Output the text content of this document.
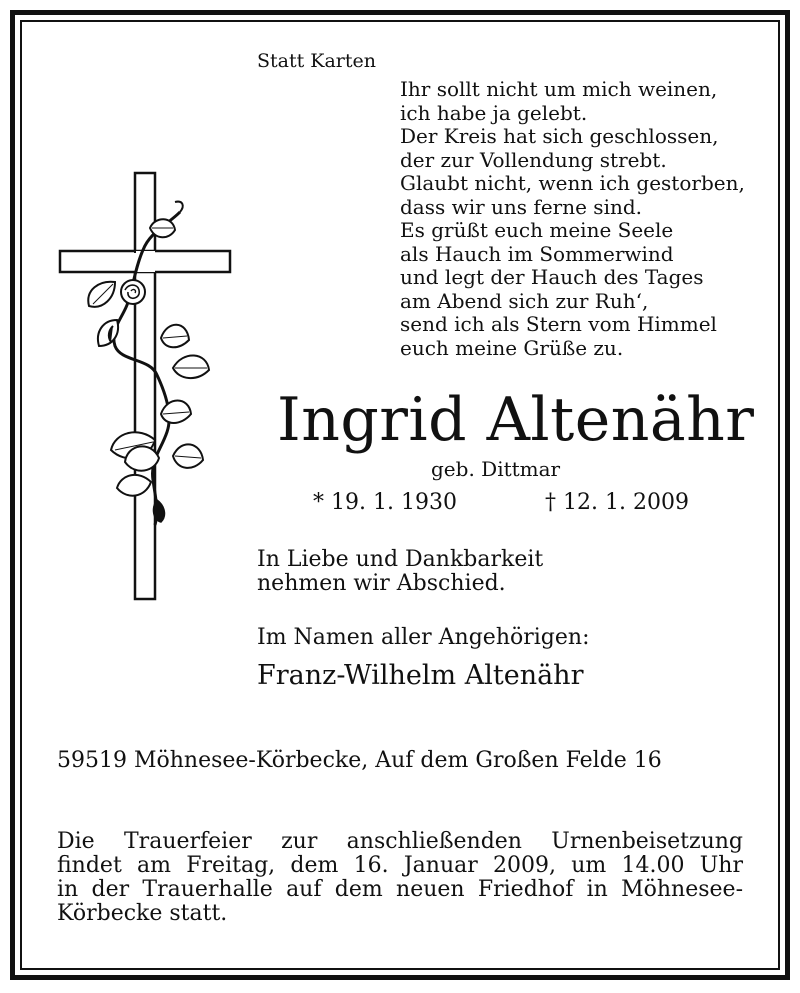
Statt Karten
Ihr sollt nicht um mich weinen,
ich habe ja gelebt.
Der Kreis hat sich geschlossen,
der zur Vollendung strebt.
Glaubt nicht, wenn ich gestorben,
dass wir uns ferne sind.
Es grüßt euch meine Seele
als Hauch im Sommerwind
und legt der Hauch des Tages
am Abend sich zur Ruh‘,
send ich als Stern vom Himmel
euch meine Grüße zu.
Ingrid Altenähr
geb. Dittmar
* 19. 1. 1930	† 12. 1. 2009
In Liebe und Dankbarkeit
nehmen wir Abschied.
Im Namen aller Angehörigen:
Franz-Wilhelm Altenähr
59519 Möhnesee-Körbecke, Auf dem Großen Felde 16
Die Trauerfeier zur anschließenden Urnenbeisetzung
findet am Freitag, dem 16. Januar 2009, um 14.00 Uhr
in der Trauerhalle auf dem neuen Friedhof in Möhnesee-
Körbecke statt.
